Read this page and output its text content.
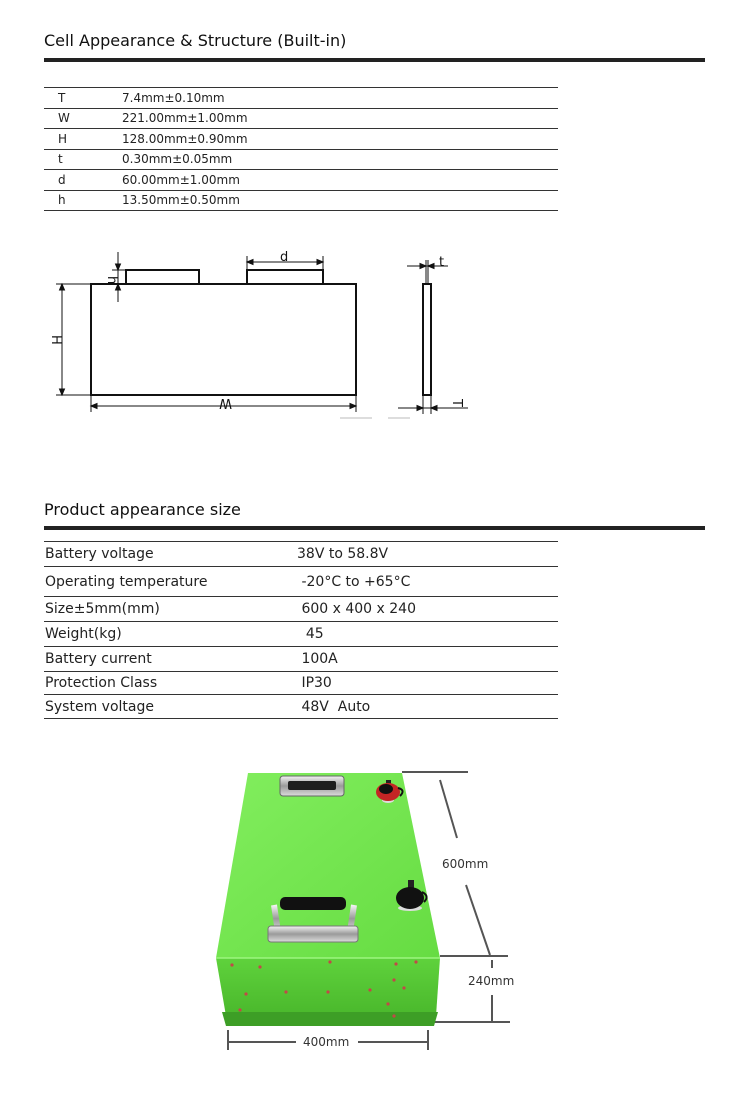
Cell Appearance & Structure (Built-in)
T	7.4mm±0.10mm
W	221.00mm±1.00mm
H	128.00mm±0.90mm
t	0.30mm±0.05mm
d	60.00mm±1.00mm
h	13.50mm±0.50mm
d
h
H
W
t
T
Product appearance size
Battery voltage	38V to 58.8V
Operating temperature	-20°C to +65°C
Size±5mm(mm)	600 x 400 x 240
Weight(kg)	45
Battery current	100A
Protection Class	IP30
System voltage	48V  Auto
600mm
240mm
400mm
